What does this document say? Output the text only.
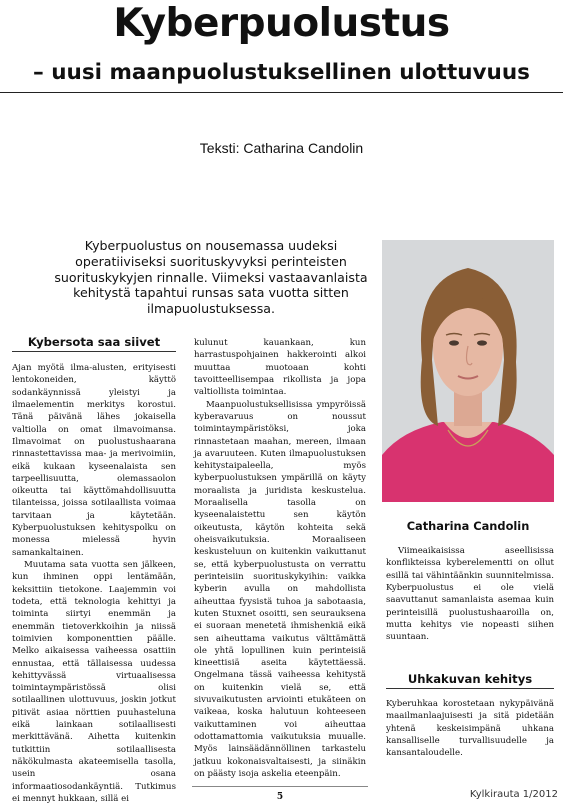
Kyberpuolustus
– uusi maanpuolustuksellinen ulottuvuus
Teksti: Catharina Candolin
Kyberpuolustus on nousemassa uudeksi operatiiviseksi suorituskyvyksi perinteisten suorituskykyjen rinnalle. Viimeksi vastaavanlaista kehitystä tapahtui runsas sata vuotta sitten ilmapuolustuksessa.
Kybersota saa siivet

Ajan myötä ilma-alusten, erityisesti lentokoneiden, käyttö sodankäynnissä yleistyi ja ilmaelementin merkitys korostui. Tänä päivänä lähes jokaisella valtiolla on omat ilmavoimansa. Ilmavoimat on puolustushaarana rinnastettavissa maa- ja merivoimiin, eikä kukaan kyseenalaista sen tarpeellisuutta, olemassaolon oikeutta tai käyttömahdollisuutta tilanteissa, joissa sotilaallista voimaa tarvitaan ja käytetään. Kyberpuolustuksen kehityspolku on monessa mielessä hyvin samankaltainen.

Muutama sata vuotta sen jälkeen, kun ihminen oppi lentämään, keksittiin tietokone. Laajemmin voi todeta, että teknologia kehittyi ja toiminta siirtyi enemmän ja enemmän tietoverkkoihin ja niissä toimivien komponenttien päälle. Melko aikaisessa vaiheessa osattiin ennustaa, että tällaisessa uudessa kehittyvässä virtuaalisessa toimintaympäristössä olisi sotilaallinen ulottuvuus, joskin jotkut pitivät asiaa nörttien puuhasteluna eikä lainkaan sotilaallisesti merkittävänä. Aihetta kuitenkin tutkittiin sotilaallisesta näkökulmasta akateemisella tasolla, usein osana informaatiosodankäyntiä. Tutkimus ei mennyt hukkaan, sillä ei

kulunut kauankaan, kun harrastuspohjainen hakkerointi alkoi muuttaa muotoaan kohti tavoitteellisempaa rikollista ja jopa valtiollista toimintaa.

Maanpuolustuksellisissa ympyröissä kyberavaruus on noussut toimintaympäristöksi, joka rinnastetaan maahan, mereen, ilmaan ja avaruuteen. Kuten ilmapuolustuksen kehitystaipaleella, myös kyberpuolustuksen ympärillä on käyty moraalista ja juridista keskustelua. Moraalisella tasolla on kyseenalaistettu sen käytön oikeutusta, käytön kohteita sekä oheisvaikutuksia. Moraaliseen keskusteluun on kuitenkin vaikuttanut se, että kyberpuolustusta on verrattu perinteisiin suorituskykyihin: vaikka kyberin avulla on mahdollista aiheuttaa fyysistä tuhoa ja sabotaasia, kuten Stuxnet osoitti, sen seurauksena ei suoraan menetetä ihmishenkiä eikä sen aiheuttama vaikutus välttämättä ole yhtä lopullinen kuin perinteisiä kineettisiä aseita käytettäessä. Ongelmana tässä vaiheessa kehitystä on kuitenkin vielä se, että sivuvaikutusten arviointi etukäteen on vaikeaa, koska halutuun kohteeseen vaikuttaminen voi aiheuttaa odottamattomia vaikutuksia muualle. Myös lainsäädännöllinen tarkastelu jatkuu kokonaisvaltaisesti, ja siinäkin on päästy isoja askelia eteenpäin.

Catharina Candolin

Viimeaikaisissa aseellisissa konflikteissa kyberelementti on ollut esillä tai vähintäänkin suunnitelmissa. Kyberpuolustus ei ole vielä saavuttanut samanlaista asemaa kuin perinteisillä puolustushaaroilla on, mutta kehitys vie nopeasti siihen suuntaan.

Uhkakuvan kehitys

Kyberuhkaa korostetaan nykypäivänä maailmanlaajuisesti ja sitä pidetään yhtenä keskeisimpänä uhkana kansalliselle turvallisuudelle ja kansantaloudelle.

5	Kylkirauta 1/2012
